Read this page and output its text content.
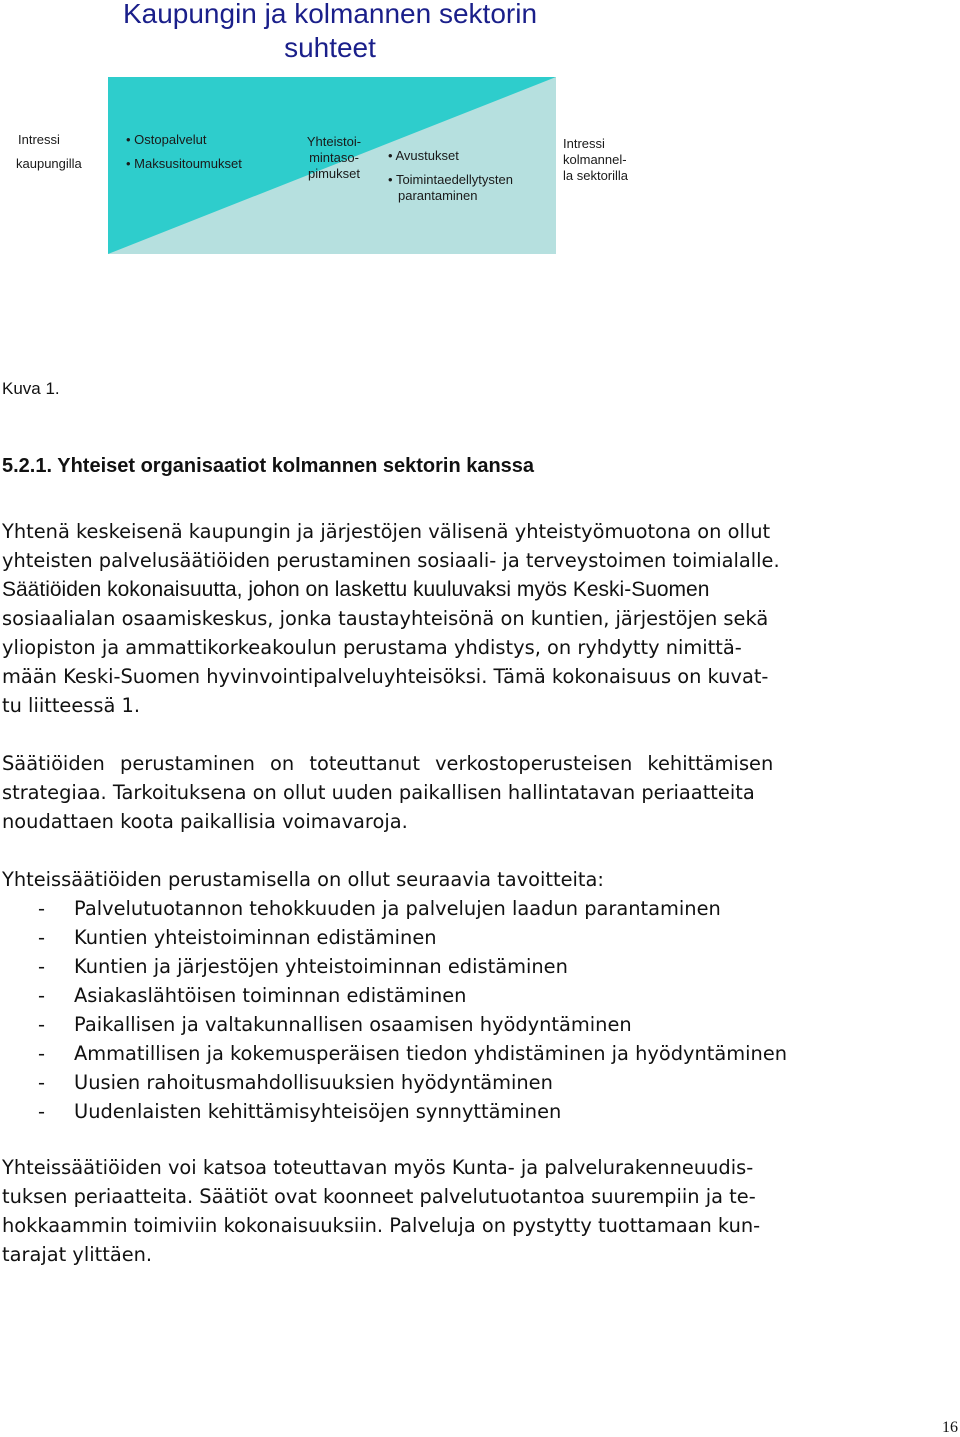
Kaupungin ja kolmannen sektorin
suhteet
Intressi
kaupungilla
• Ostopalvelut
• Maksusitoumukset
Yhteistoi-
mintaso-
pimukset
• Avustukset
• Toimintaedellytysten
parantaminen
Intressi
kolmannel-
la sektorilla
Kuva 1.
5.2.1. Yhteiset organisaatiot kolmannen sektorin kanssa
Yhtenä keskeisenä kaupungin ja järjestöjen välisenä yhteistyömuotona on ollut
yhteisten palvelusäätiöiden perustaminen sosiaali- ja terveystoimen toimialalle.
Säätiöiden kokonaisuutta, johon on laskettu kuuluvaksi myös Keski-Suomen
sosiaalialan osaamiskeskus, jonka taustayhteisönä on kuntien, järjestöjen sekä
yliopiston ja ammattikorkeakoulun perustama yhdistys, on ryhdytty nimittä-
mään Keski-Suomen hyvinvointipalveluyhteisöksi. Tämä kokonaisuus on kuvat-
tu liitteessä 1.
Säätiöiden perustaminen on toteuttanut verkostoperusteisen kehittämisen
strategiaa. Tarkoituksena on ollut uuden paikallisen hallintatavan periaatteita
noudattaen koota paikallisia voimavaroja.
Yhteissäätiöiden perustamisella on ollut seuraavia tavoitteita:
- Palvelutuotannon tehokkuuden ja palvelujen laadun parantaminen
- Kuntien yhteistoiminnan edistäminen
- Kuntien ja järjestöjen yhteistoiminnan edistäminen
- Asiakaslähtöisen toiminnan edistäminen
- Paikallisen ja valtakunnallisen osaamisen hyödyntäminen
- Ammatillisen ja kokemusperäisen tiedon yhdistäminen ja hyödyntäminen
- Uusien rahoitusmahdollisuuksien hyödyntäminen
- Uudenlaisten kehittämisyhteisöjen synnyttäminen
Yhteissäätiöiden voi katsoa toteuttavan myös Kunta- ja palvelurakenneuudis-
tuksen periaatteita. Säätiöt ovat koonneet palvelutuotantoa suurempiin ja te-
hokkaammin toimiviin kokonaisuuksiin. Palveluja on pystytty tuottamaan kun-
tarajat ylittäen.
16
